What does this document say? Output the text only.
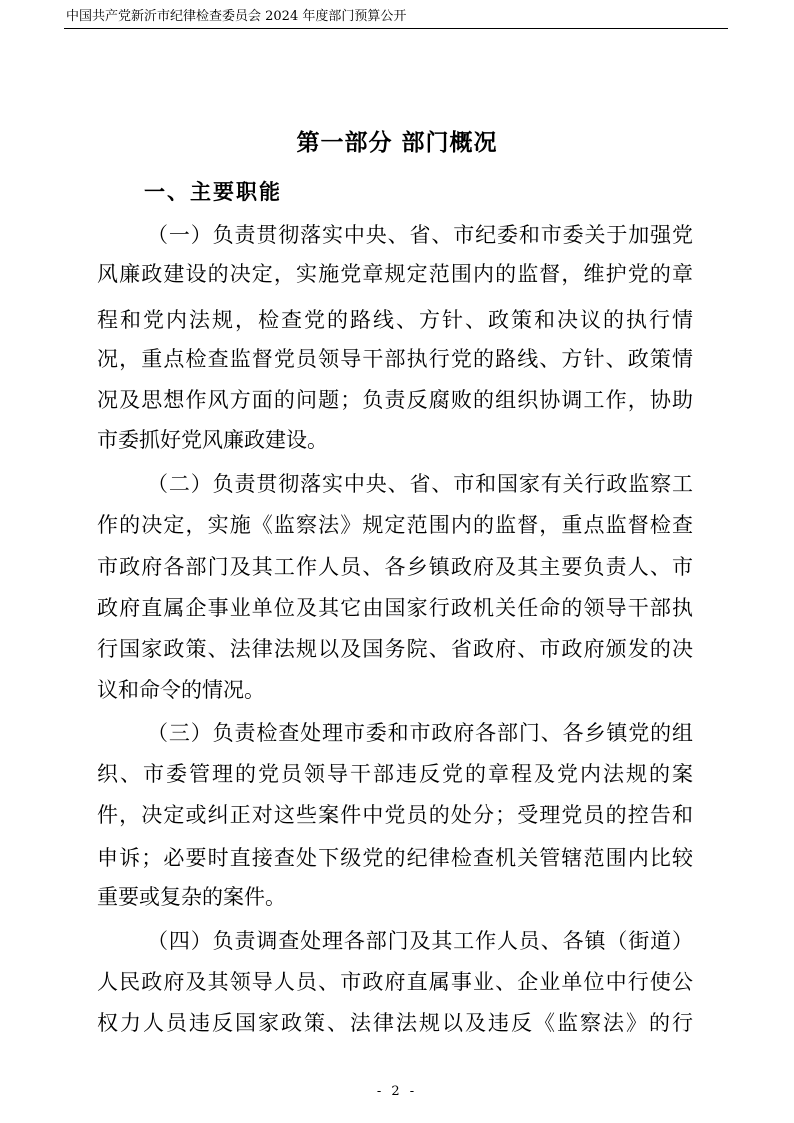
中国共产党新沂市纪律检查委员会 2024 年度部门预算公开
第一部分 部门概况
一、主要职能
（一）负责贯彻落实中央、省、市纪委和市委关于加强党
风廉政建设的决定，实施党章规定范围内的监督，维护党的章
程和党内法规，检查党的路线、方针、政策和决议的执行情
况，重点检查监督党员领导干部执行党的路线、方针、政策情
况及思想作风方面的问题；负责反腐败的组织协调工作，协助
市委抓好党风廉政建设。
（二）负责贯彻落实中央、省、市和国家有关行政监察工
作的决定，实施《监察法》规定范围内的监督，重点监督检查
市政府各部门及其工作人员、各乡镇政府及其主要负责人、市
政府直属企事业单位及其它由国家行政机关任命的领导干部执
行国家政策、法律法规以及国务院、省政府、市政府颁发的决
议和命令的情况。
（三）负责检查处理市委和市政府各部门、各乡镇党的组
织、市委管理的党员领导干部违反党的章程及党内法规的案
件，决定或纠正对这些案件中党员的处分；受理党员的控告和
申诉；必要时直接查处下级党的纪律检查机关管辖范围内比较
重要或复杂的案件。
（四）负责调查处理各部门及其工作人员、各镇（街道）
人民政府及其领导人员、市政府直属事业、企业单位中行使公
权力人员违反国家政策、法律法规以及违反《监察法》的行
- 2 -
